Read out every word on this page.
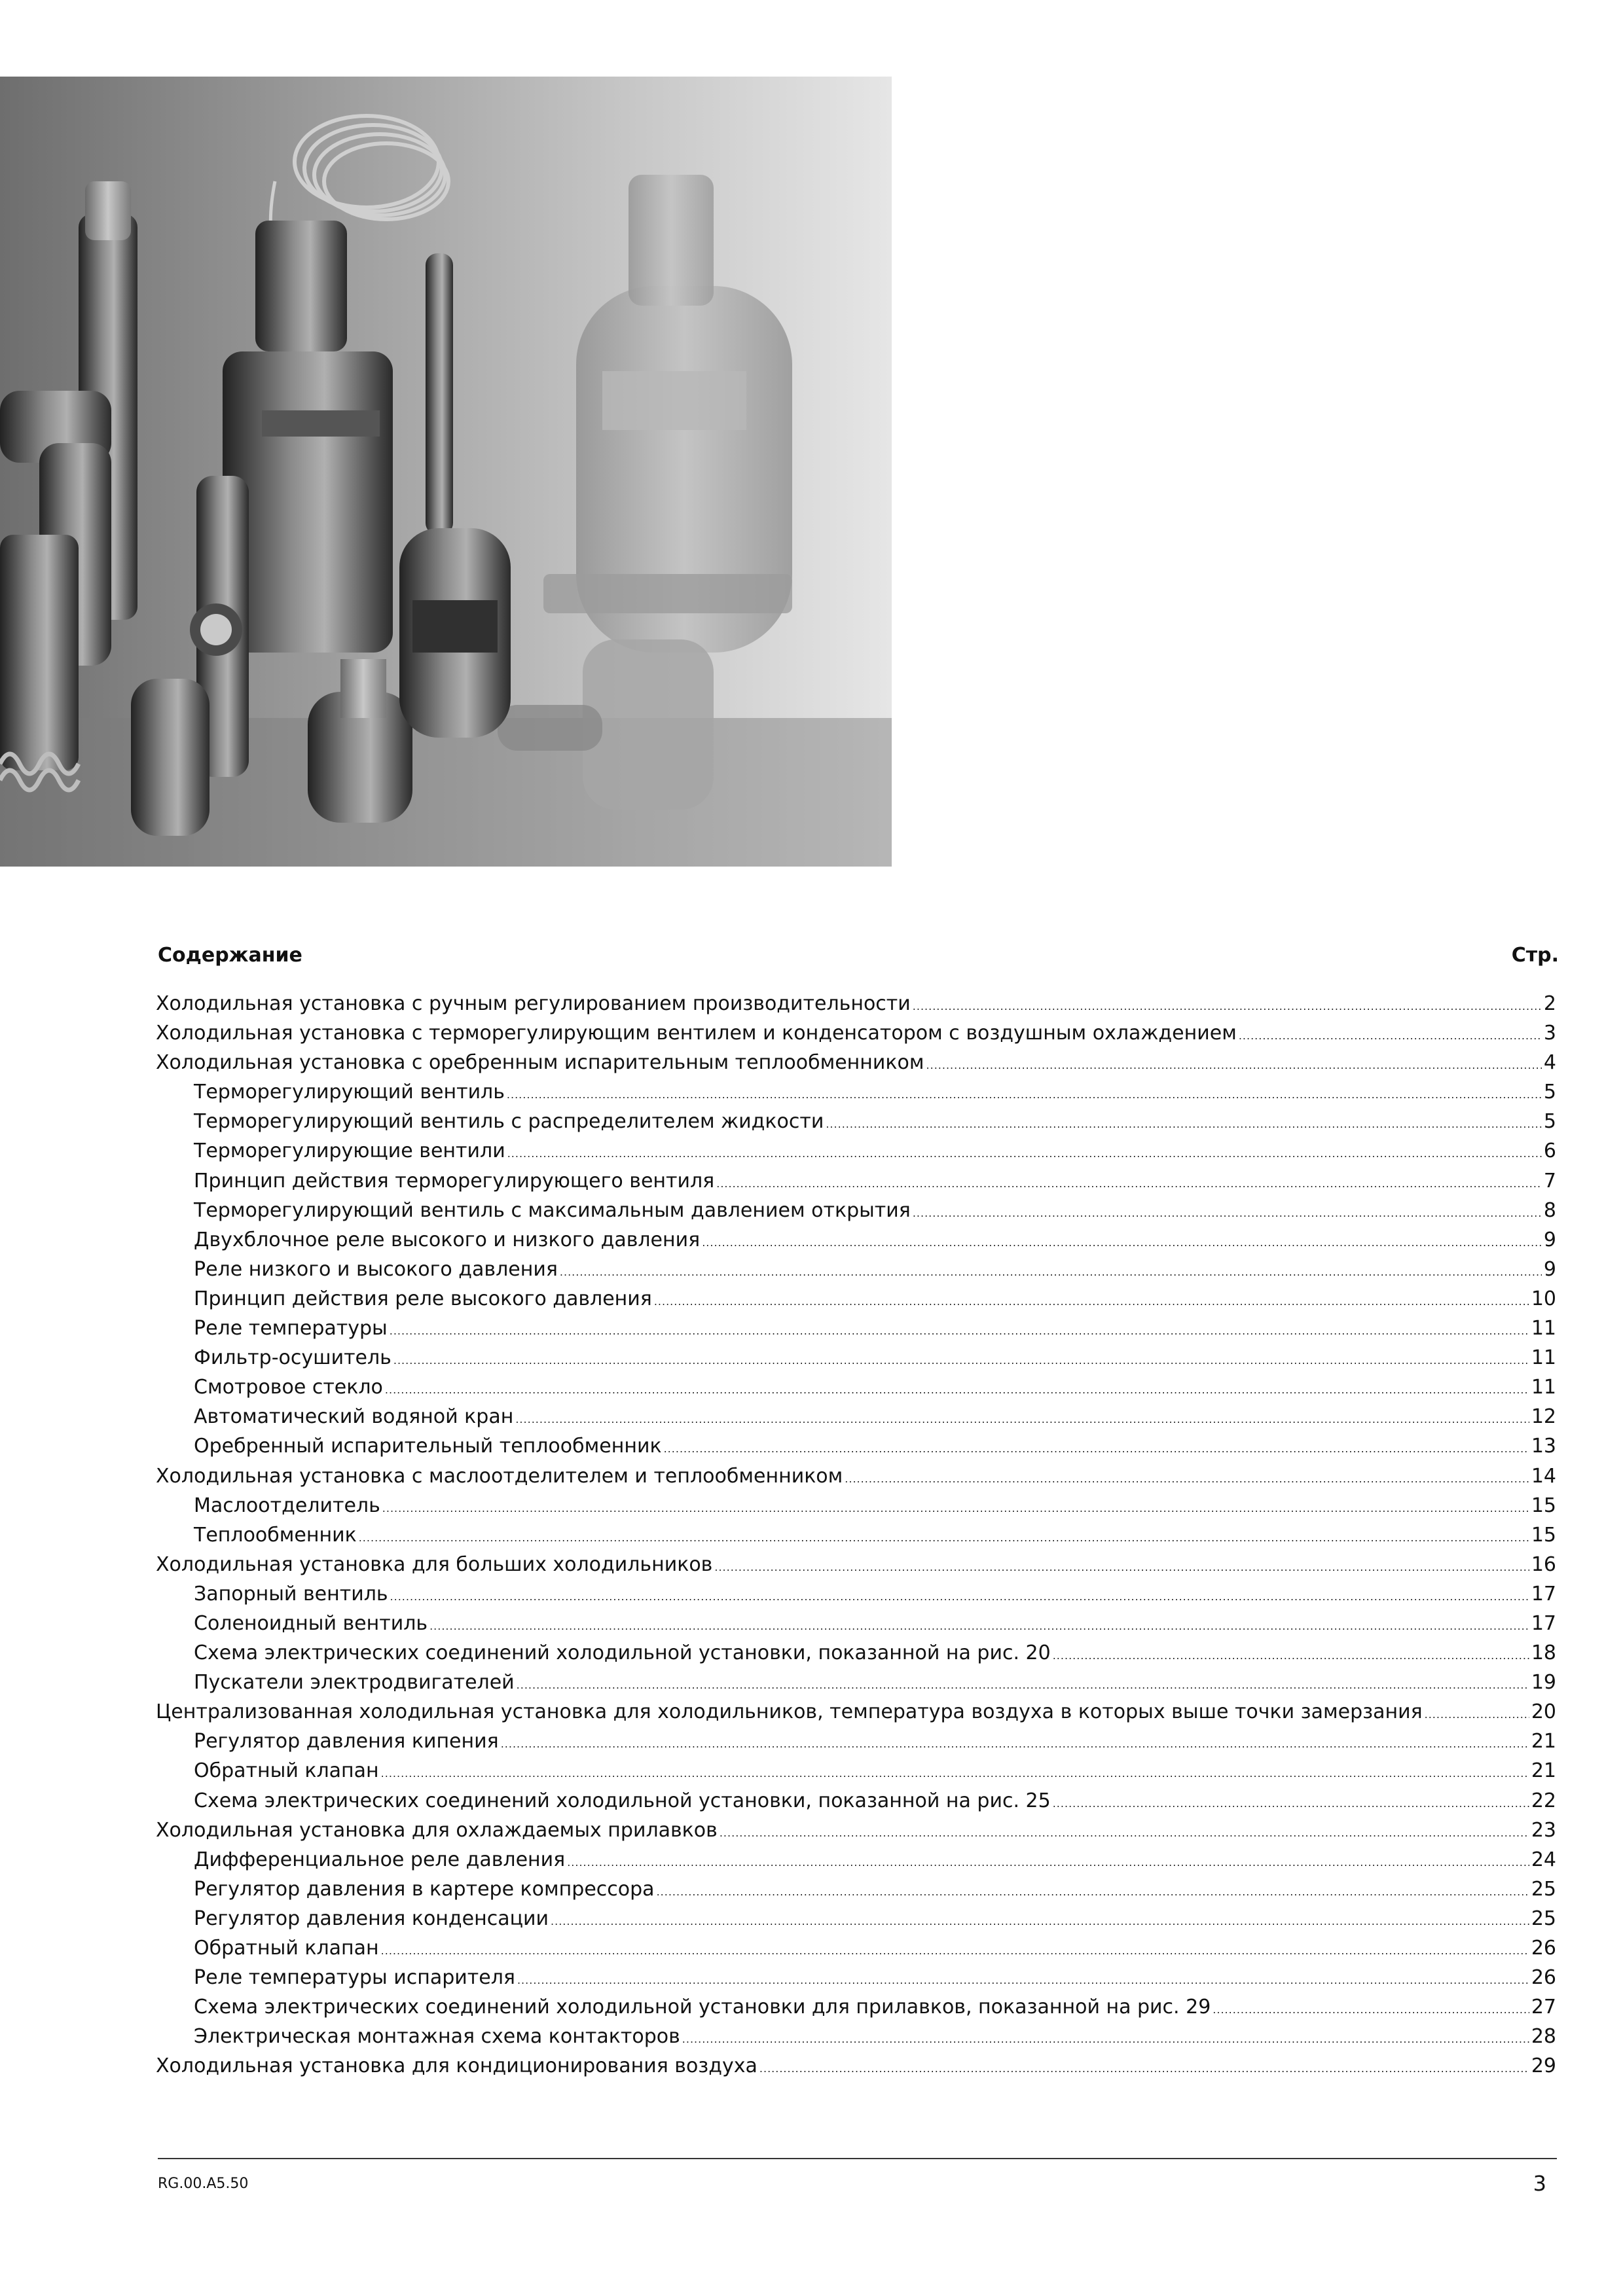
Содержание	Стр.
Холодильная установка с ручным регулированием производительности .....	2
Холодильная установка с терморегулирующим вентилем и конденсатором с воздушным охлаждением .....	3
Холодильная установка с оребренным испарительным теплообменником .....	4
Терморегулирующий вентиль .....	5
Терморегулирующий вентиль с распределителем жидкости .....	5
Терморегулирующие вентили .....	6
Принцип действия терморегулирующего вентиля .....	7
Терморегулирующий вентиль с максимальным давлением открытия .....	8
Двухблочное реле высокого и низкого давления .....	9
Реле низкого и высокого давления .....	9
Принцип действия реле высокого давления .....	10
Реле температуры .....	11
Фильтр-осушитель .....	11
Смотровое стекло .....	11
Автоматический водяной кран .....	12
Оребренный испарительный теплообменник .....	13
Холодильная установка с маслоотделителем и теплообменником .....	14
Маслоотделитель .....	15
Теплообменник .....	15
Холодильная установка для больших холодильников .....	16
Запорный вентиль .....	17
Соленоидный вентиль .....	17
Схема электрических соединений холодильной установки, показанной на рис. 20 .....	18
Пускатели электродвигателей .....	19
Централизованная холодильная установка для холодильников, температура воздуха в которых выше точки замерзания .....	20
Регулятор давления кипения .....	21
Обратный клапан .....	21
Схема электрических соединений холодильной установки, показанной на рис. 25 .....	22
Холодильная установка для охлаждаемых прилавков .....	23
Дифференциальное реле давления .....	24
Регулятор давления в картере компрессора .....	25
Регулятор давления конденсации .....	25
Обратный клапан .....	26
Реле температуры испарителя .....	26
Схема электрических соединений холодильной установки для прилавков, показанной на рис. 29 .....	27
Электрическая монтажная схема контакторов .....	28
Холодильная установка для кондиционирования воздуха .....	29
RG.00.A5.50	3
